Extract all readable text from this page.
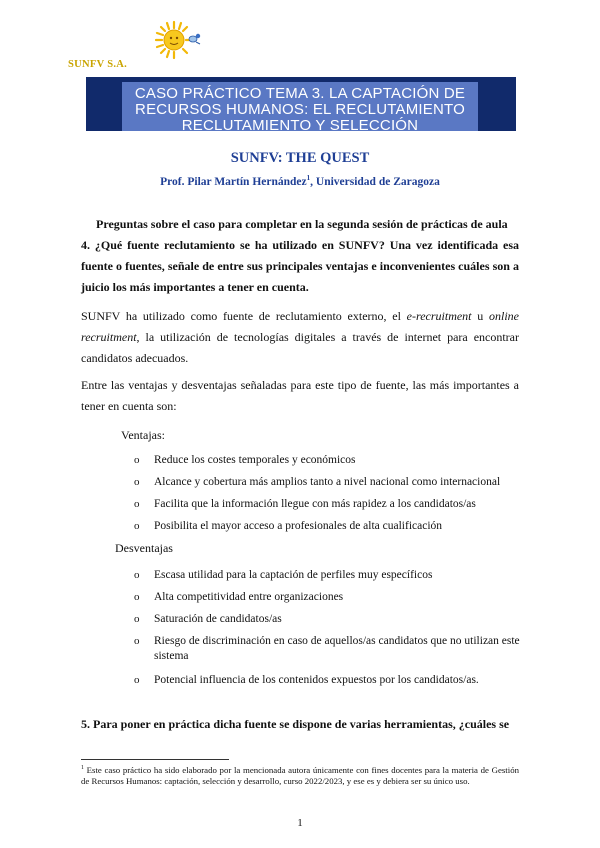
SUNFV S.A.
CASO PRÁCTICO TEMA 3. LA CAPTACIÓN DE RECURSOS HUMANOS: EL RECLUTAMIENTO RECLUTAMIENTO Y SELECCIÓN
SUNFV: THE QUEST
Prof. Pilar Martín Hernández$^1$, Universidad de Zaragoza
Preguntas sobre el caso para completar en la segunda sesión de prácticas de aula
4. ¿Qué fuente reclutamiento se ha utilizado en SUNFV? Una vez identificada esa fuente o fuentes, señale de entre sus principales ventajas e inconvenientes cuáles son a juicio los más importantes a tener en cuenta.
SUNFV ha utilizado como fuente de reclutamiento externo, el e-recruitment u online recruitment, la utilización de tecnologías digitales a través de internet para encontrar candidatos adecuados.
Entre las ventajas y desventajas señaladas para este tipo de fuente, las más importantes a tener en cuenta son:
Ventajas:
o Reduce los costes temporales y económicos
o Alcance y cobertura más amplios tanto a nivel nacional como internacional
o Facilita que la información llegue con más rapidez a los candidatos/as
o Posibilita el mayor acceso a profesionales de alta cualificación
Desventajas
o Escasa utilidad para la captación de perfiles muy específicos
o Alta competitividad entre organizaciones
o Saturación de candidatos/as
o Riesgo de discriminación en caso de aquellos/as candidatos que no utilizan este sistema
o Potencial influencia de los contenidos expuestos por los candidatos/as.
5. Para poner en práctica dicha fuente se dispone de varias herramientas, ¿cuáles se
$^1$ Este caso práctico ha sido elaborado por la mencionada autora únicamente con fines docentes para la materia de Gestión de Recursos Humanos: captación, selección y desarrollo, curso 2022/2023, y ese es y debiera ser su único uso.
1
